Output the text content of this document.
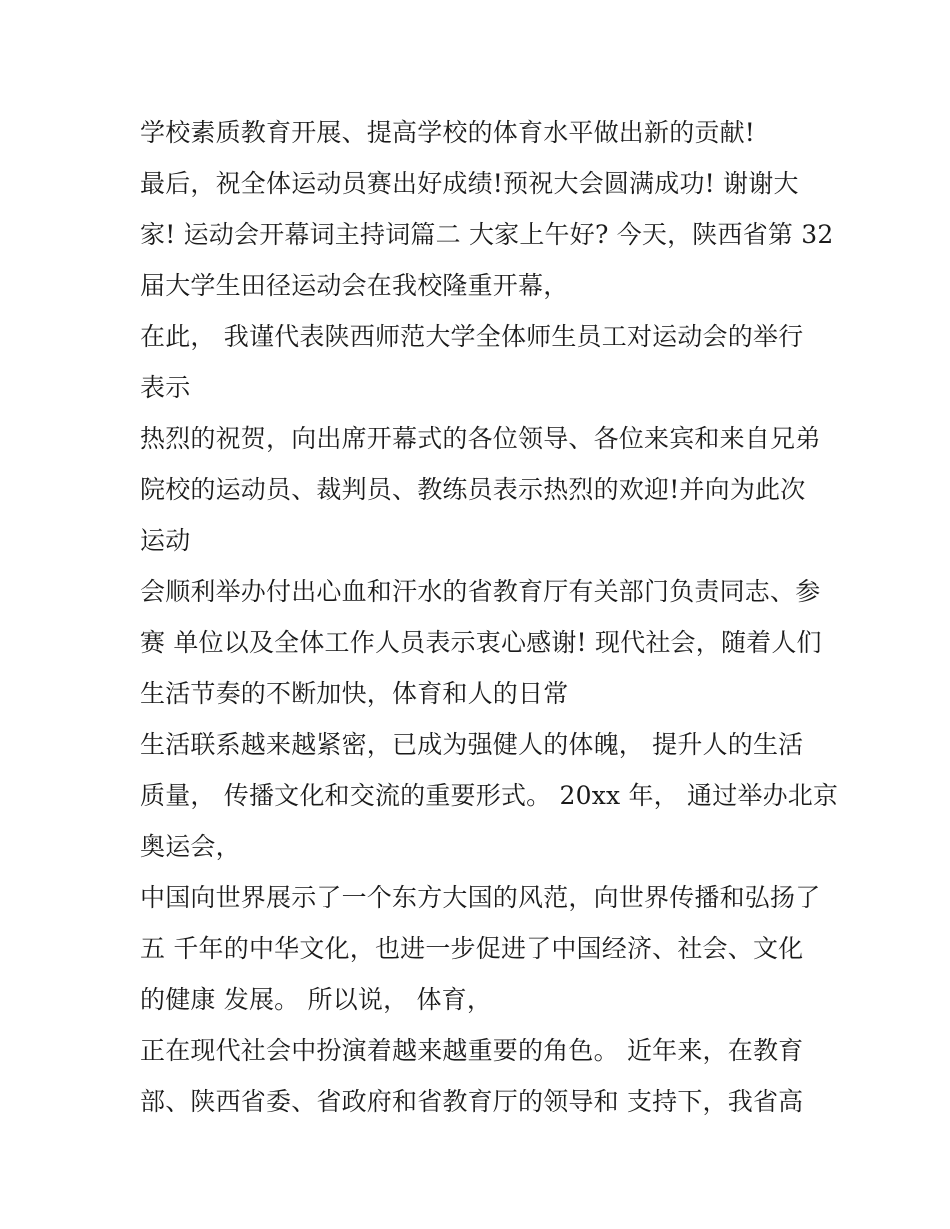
学校素质教育开展、提高学校的体育水平做出新的贡献!
最后，祝全体运动员赛出好成绩!预祝大会圆满成功! 谢谢大
家! 运动会开幕词主持词篇二 大家上午好? 今天，陕西省第 32
届大学生田径运动会在我校隆重开幕，
在此， 我谨代表陕西师范大学全体师生员工对运动会的举行
表示
热烈的祝贺，向出席开幕式的各位领导、各位来宾和来自兄弟
院校的运动员、裁判员、教练员表示热烈的欢迎!并向为此次
运动
会顺利举办付出心血和汗水的省教育厅有关部门负责同志、参
赛 单位以及全体工作人员表示衷心感谢! 现代社会，随着人们
生活节奏的不断加快，体育和人的日常
生活联系越来越紧密，已成为强健人的体魄， 提升人的生活
质量， 传播文化和交流的重要形式。 20xx 年， 通过举办北京
奥运会，
中国向世界展示了一个东方大国的风范，向世界传播和弘扬了
五 千年的中华文化，也进一步促进了中国经济、社会、文化
的健康 发展。 所以说， 体育，
正在现代社会中扮演着越来越重要的角色。 近年来，在教育
部、陕西省委、省政府和省教育厅的领导和 支持下，我省高
